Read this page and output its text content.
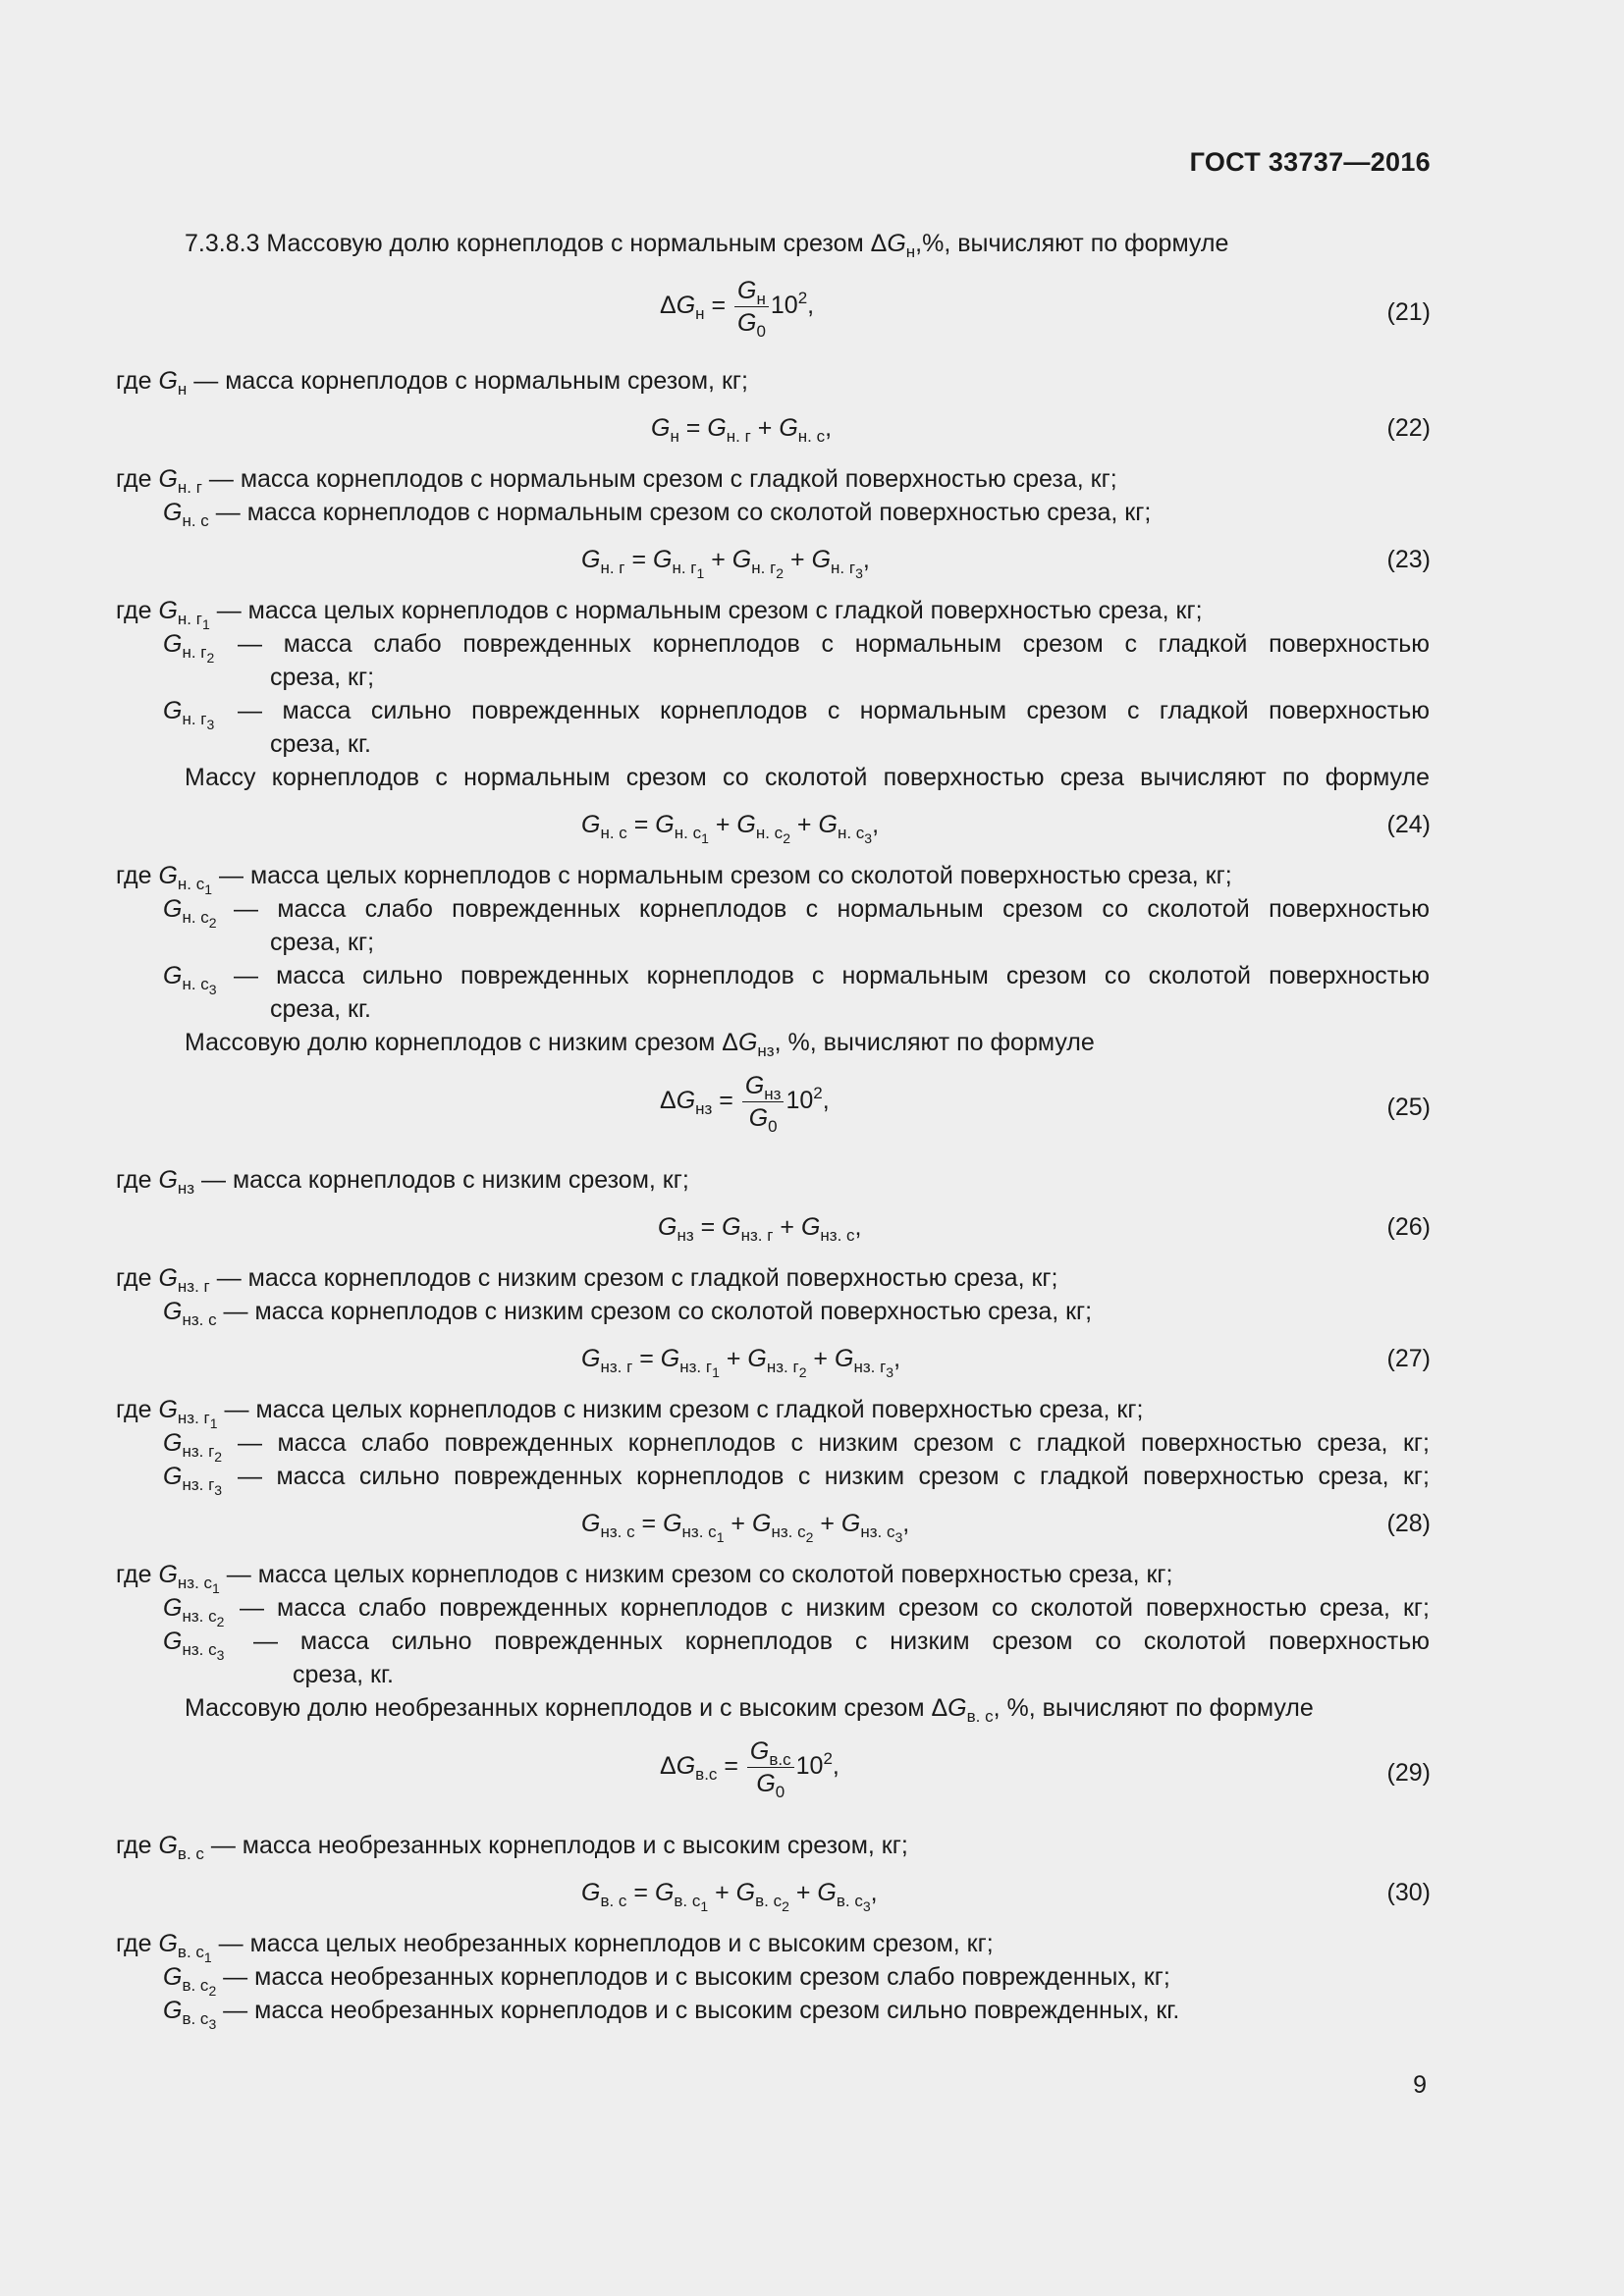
ГОСТ 33737—2016
7.3.8.3 Массовую долю корнеплодов с нормальным срезом $\Delta G_н,\%$, вычисляют по формуле
$\Delta G_н = \frac{G_н}{G_0} 10^2$,	(21)
где $G_н$ — масса корнеплодов с нормальным срезом, кг;
$G_н = G_{н. г} + G_{н. с}$,	(22)
где $G_{н. г}$ — масса корнеплодов с нормальным срезом с гладкой поверхностью среза, кг;
$G_{н. с}$ — масса корнеплодов с нормальным срезом со сколотой поверхностью среза, кг;
$G_{н. г} = G_{н. г_1} + G_{н. г_2} + G_{н. г_3}$,	(23)
где $G_{н. г_1}$ — масса целых корнеплодов с нормальным срезом с гладкой поверхностью среза, кг;
$G_{н. г_2}$ — масса слабо поврежденных корнеплодов с нормальным срезом с гладкой поверхностью
среза, кг;
$G_{н. г_3}$ — масса сильно поврежденных корнеплодов с нормальным срезом с гладкой поверхностью
среза, кг.
Массу корнеплодов с нормальным срезом со сколотой поверхностью среза вычисляют по формуле
$G_{н. с} = G_{н. с_1} + G_{н. с_2} + G_{н. с_3}$,	(24)
где $G_{н. с_1}$ — масса целых корнеплодов с нормальным срезом со сколотой поверхностью среза, кг;
$G_{н. с_2}$ — масса слабо поврежденных корнеплодов с нормальным срезом со сколотой поверхностью
среза, кг;
$G_{н. с_3}$ — масса сильно поврежденных корнеплодов с нормальным срезом со сколотой поверхностью
среза, кг.
Массовую долю корнеплодов с низким срезом $\Delta G_{нз}$, %, вычисляют по формуле
$\Delta G_{нз} = \frac{G_{нз}}{G_0} 10^2$,	(25)
где $G_{нз}$ — масса корнеплодов с низким срезом, кг;
$G_{нз} = G_{нз. г} + G_{нз. с}$,	(26)
где $G_{нз. г}$ — масса корнеплодов с низким срезом с гладкой поверхностью среза, кг;
$G_{нз. с}$ — масса корнеплодов с низким срезом со сколотой поверхностью среза, кг;
$G_{нз. г} = G_{нз. г_1} + G_{нз. г_2} + G_{нз. г_3}$,	(27)
где $G_{нз. г_1}$ — масса целых корнеплодов с низким срезом с гладкой поверхностью среза, кг;
$G_{нз. г_2}$ — масса слабо поврежденных корнеплодов с низким срезом с гладкой поверхностью среза, кг;
$G_{нз. г_3}$ — масса сильно поврежденных корнеплодов с низким срезом с гладкой поверхностью среза, кг;
$G_{нз. с} = G_{нз. с_1} + G_{нз. с_2} + G_{нз. с_3}$,	(28)
где $G_{нз. с_1}$ — масса целых корнеплодов с низким срезом со сколотой поверхностью среза, кг;
$G_{нз. с_2}$ — масса слабо поврежденных корнеплодов с низким срезом со сколотой поверхностью среза, кг;
$G_{нз. с_3}$ — масса сильно поврежденных корнеплодов с низким срезом со сколотой поверхностью
среза, кг.
Массовую долю необрезанных корнеплодов и с высоким срезом $\Delta G_{в. с}$, %, вычисляют по формуле
$\Delta G_{в.с} = \frac{G_{в.с}}{G_0} 10^2$,	(29)
где $G_{в. с}$ — масса необрезанных корнеплодов и с высоким срезом, кг;
$G_{в. с} = G_{в. с_1} + G_{в. с_2} + G_{в. с_3}$,	(30)
где $G_{в. с_1}$ — масса целых необрезанных корнеплодов и с высоким срезом, кг;
$G_{в. с_2}$ — масса необрезанных корнеплодов и с высоким срезом слабо поврежденных, кг;
$G_{в. с_3}$ — масса необрезанных корнеплодов и с высоким срезом сильно поврежденных, кг.
9
